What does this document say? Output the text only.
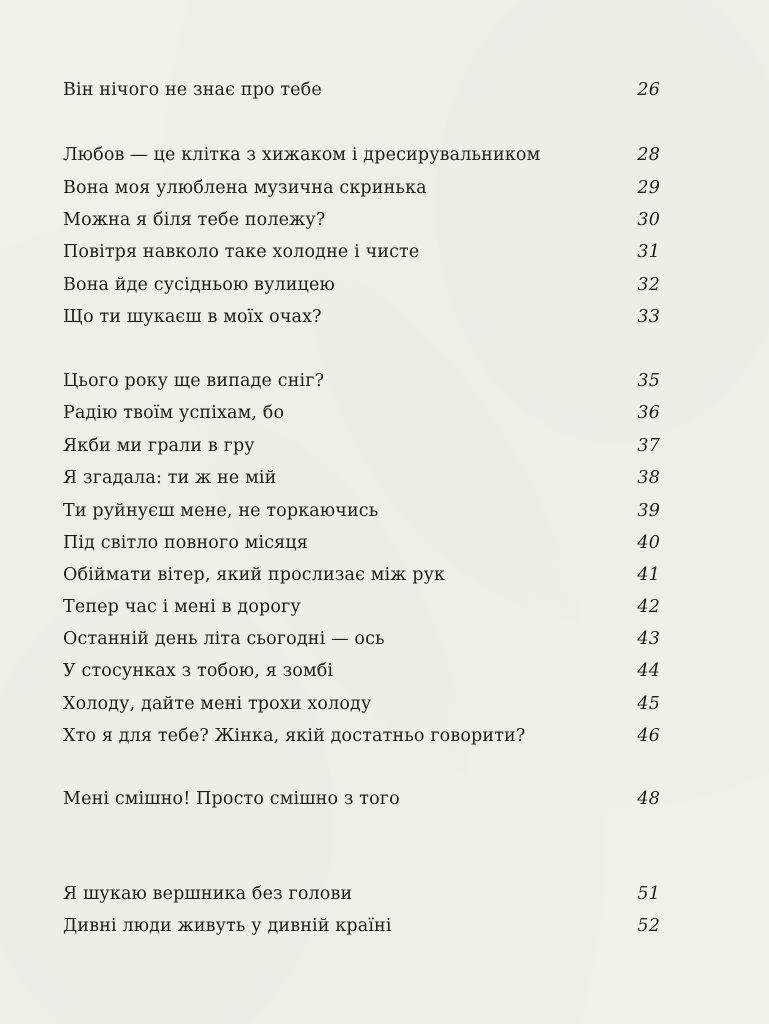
Він нічого не знає про тебе	26
Любов — це клітка з хижаком і дресирувальником	28
Вона моя улюблена музична скринька	29
Можна я біля тебе полежу?	30
Повітря навколо таке холодне і чисте	31
Вона йде сусідньою вулицею	32
Що ти шукаєш в моїх очах?	33
Цього року ще випаде сніг?	35
Радію твоїм успіхам, бо	36
Якби ми грали в гру	37
Я згадала: ти ж не мій	38
Ти руйнуєш мене, не торкаючись	39
Під світло повного місяця	40
Обіймати вітер, який прослизає між рук	41
Тепер час і мені в дорогу	42
Останній день літа сьогодні — ось	43
У стосунках з тобою, я зомбі	44
Холоду, дайте мені трохи холоду	45
Хто я для тебе? Жінка, якій достатньо говорити?	46
Мені смішно! Просто смішно з того	48
Я шукаю вершника без голови	51
Дивні люди живуть у дивній країні	52
